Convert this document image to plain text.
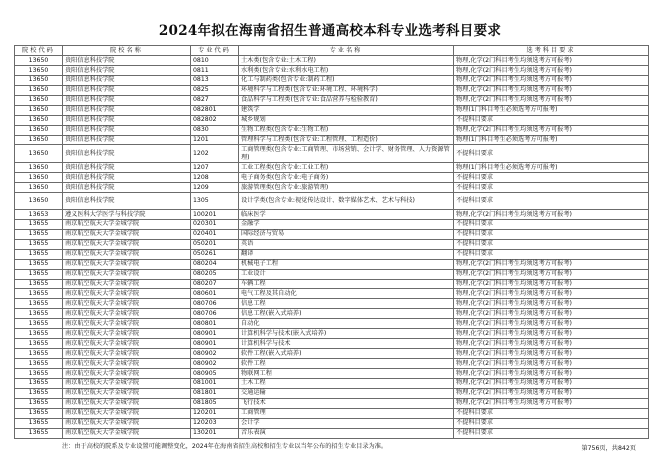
2024年拟在海南省招生普通高校本科专业选考科目要求
院校代码	院校名称	专业代码	专业名称	选考科目要求
13650	贵阳信息科技学院	0810	土木类(包含专业:土木工程)	物理,化学(2门科目考生均须选考方可报考)
13650	贵阳信息科技学院	0811	水利类(包含专业:水利水电工程)	物理,化学(2门科目考生均须选考方可报考)
13650	贵阳信息科技学院	0813	化工与制药类(包含专业:制药工程)	物理,化学(2门科目考生均须选考方可报考)
13650	贵阳信息科技学院	0825	环境科学与工程类(包含专业:环境工程、环境科学)	物理,化学(2门科目考生均须选考方可报考)
13650	贵阳信息科技学院	0827	食品科学与工程类(包含专业:食品营养与检验教育)	物理,化学(2门科目考生均须选考方可报考)
13650	贵阳信息科技学院	082801	建筑学	物理(1门科目考生必须选考方可报考)
13650	贵阳信息科技学院	082802	城乡规划	不提科目要求
13650	贵阳信息科技学院	0830	生物工程类(包含专业:生物工程)	物理,化学(2门科目考生均须选考方可报考)
13650	贵阳信息科技学院	1201	管理科学与工程类(包含专业:工程管理、工程造价)	物理(1门科目考生必须选考方可报考)
13650	贵阳信息科技学院	1202	工商管理类(包含专业:工商管理、市场营销、会计学、财务管理、人力资源管理)	不提科目要求
13650	贵阳信息科技学院	1207	工业工程类(包含专业:工业工程)	物理(1门科目考生必须选考方可报考)
13650	贵阳信息科技学院	1208	电子商务类(包含专业:电子商务)	不提科目要求
13650	贵阳信息科技学院	1209	旅游管理类(包含专业:旅游管理)	不提科目要求
13650	贵阳信息科技学院	1305	设计学类(包含专业:视觉传达设计、数字媒体艺术、艺术与科技)	不提科目要求
13653	遵义医科大学医学与科技学院	100201	临床医学	物理,化学(2门科目考生均须选考方可报考)
13655	南京航空航天大学金城学院	020301	金融学	不提科目要求
13655	南京航空航天大学金城学院	020401	国际经济与贸易	不提科目要求
13655	南京航空航天大学金城学院	050201	英语	不提科目要求
13655	南京航空航天大学金城学院	050261	翻译	不提科目要求
13655	南京航空航天大学金城学院	080204	机械电子工程	物理,化学(2门科目考生均须选考方可报考)
13655	南京航空航天大学金城学院	080205	工业设计	物理,化学(2门科目考生均须选考方可报考)
13655	南京航空航天大学金城学院	080207	车辆工程	物理,化学(2门科目考生均须选考方可报考)
13655	南京航空航天大学金城学院	080601	电气工程及其自动化	物理,化学(2门科目考生均须选考方可报考)
13655	南京航空航天大学金城学院	080706	信息工程	物理,化学(2门科目考生均须选考方可报考)
13655	南京航空航天大学金城学院	080706	信息工程(嵌入式培养)	物理,化学(2门科目考生均须选考方可报考)
13655	南京航空航天大学金城学院	080801	自动化	物理,化学(2门科目考生均须选考方可报考)
13655	南京航空航天大学金城学院	080901	计算机科学与技术(嵌入式培养)	物理,化学(2门科目考生均须选考方可报考)
13655	南京航空航天大学金城学院	080901	计算机科学与技术	物理,化学(2门科目考生均须选考方可报考)
13655	南京航空航天大学金城学院	080902	软件工程(嵌入式培养)	物理,化学(2门科目考生均须选考方可报考)
13655	南京航空航天大学金城学院	080902	软件工程	物理,化学(2门科目考生均须选考方可报考)
13655	南京航空航天大学金城学院	080905	物联网工程	物理,化学(2门科目考生均须选考方可报考)
13655	南京航空航天大学金城学院	081001	土木工程	物理,化学(2门科目考生均须选考方可报考)
13655	南京航空航天大学金城学院	081801	交通运输	物理,化学(2门科目考生均须选考方可报考)
13655	南京航空航天大学金城学院	081805	飞行技术	物理,化学(2门科目考生均须选考方可报考)
13655	南京航空航天大学金城学院	120201	工商管理	不提科目要求
13655	南京航空航天大学金城学院	120203	会计学	不提科目要求
13655	南京航空航天大学金城学院	130201	音乐表演	不提科目要求
注：由于高校的院系及专业设置可能调整变化，2024年在海南省招生高校和招生专业以当年公布的招生专业目录为准。	第756页，共842页
